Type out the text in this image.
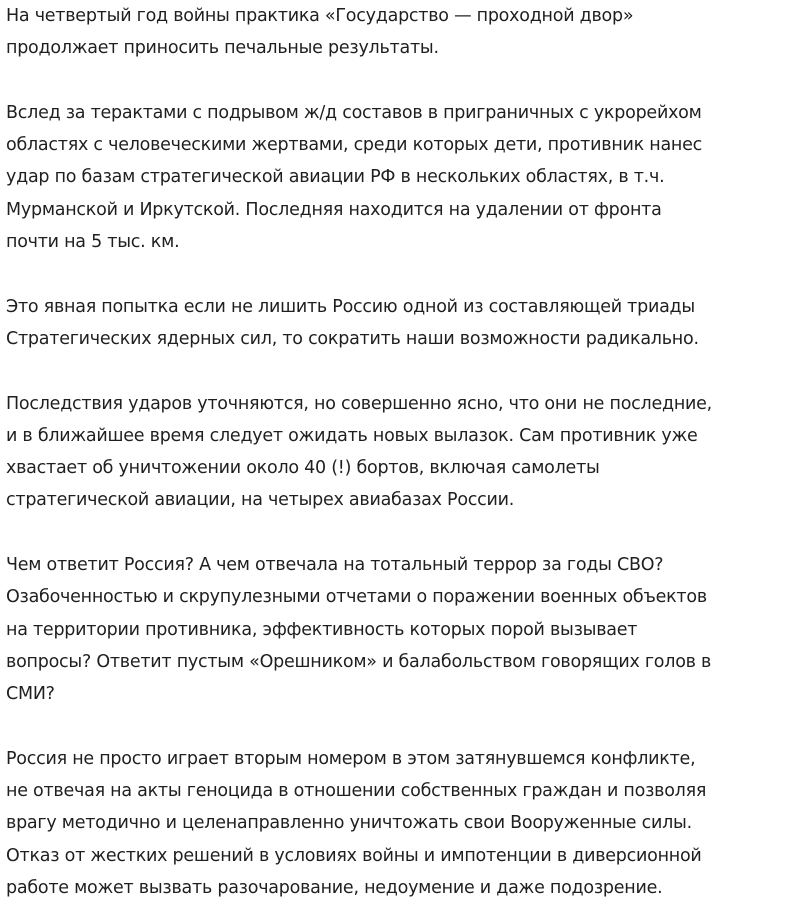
На четвертый год войны практика «Государство — проходной двор»
продолжает приносить печальные результаты.

Вслед за терактами с подрывом ж/д составов в приграничных с укрорейхом
областях с человеческими жертвами, среди которых дети, противник нанес
удар по базам стратегической авиации РФ в нескольких областях, в т.ч.
Мурманской и Иркутской. Последняя находится на удалении от фронта
почти на 5 тыс. км.

Это явная попытка если не лишить Россию одной из составляющей триады
Стратегических ядерных сил, то сократить наши возможности радикально.

Последствия ударов уточняются, но совершенно ясно, что они не последние,
и в ближайшее время следует ожидать новых вылазок. Сам противник уже
хвастает об уничтожении около 40 (!) бортов, включая самолеты
стратегической авиации, на четырех авиабазах России.

Чем ответит Россия? А чем отвечала на тотальный террор за годы СВО?
Озабоченностью и скрупулезными отчетами о поражении военных объектов
на территории противника, эффективность которых порой вызывает
вопросы? Ответит пустым «Орешником» и балабольством говорящих голов в
СМИ?

Россия не просто играет вторым номером в этом затянувшемся конфликте,
не отвечая на акты геноцида в отношении собственных граждан и позволяя
врагу методично и целенаправленно уничтожать свои Вооруженные силы.
Отказ от жестких решений в условиях войны и импотенции в диверсионной
работе может вызвать разочарование, недоумение и даже подозрение.
